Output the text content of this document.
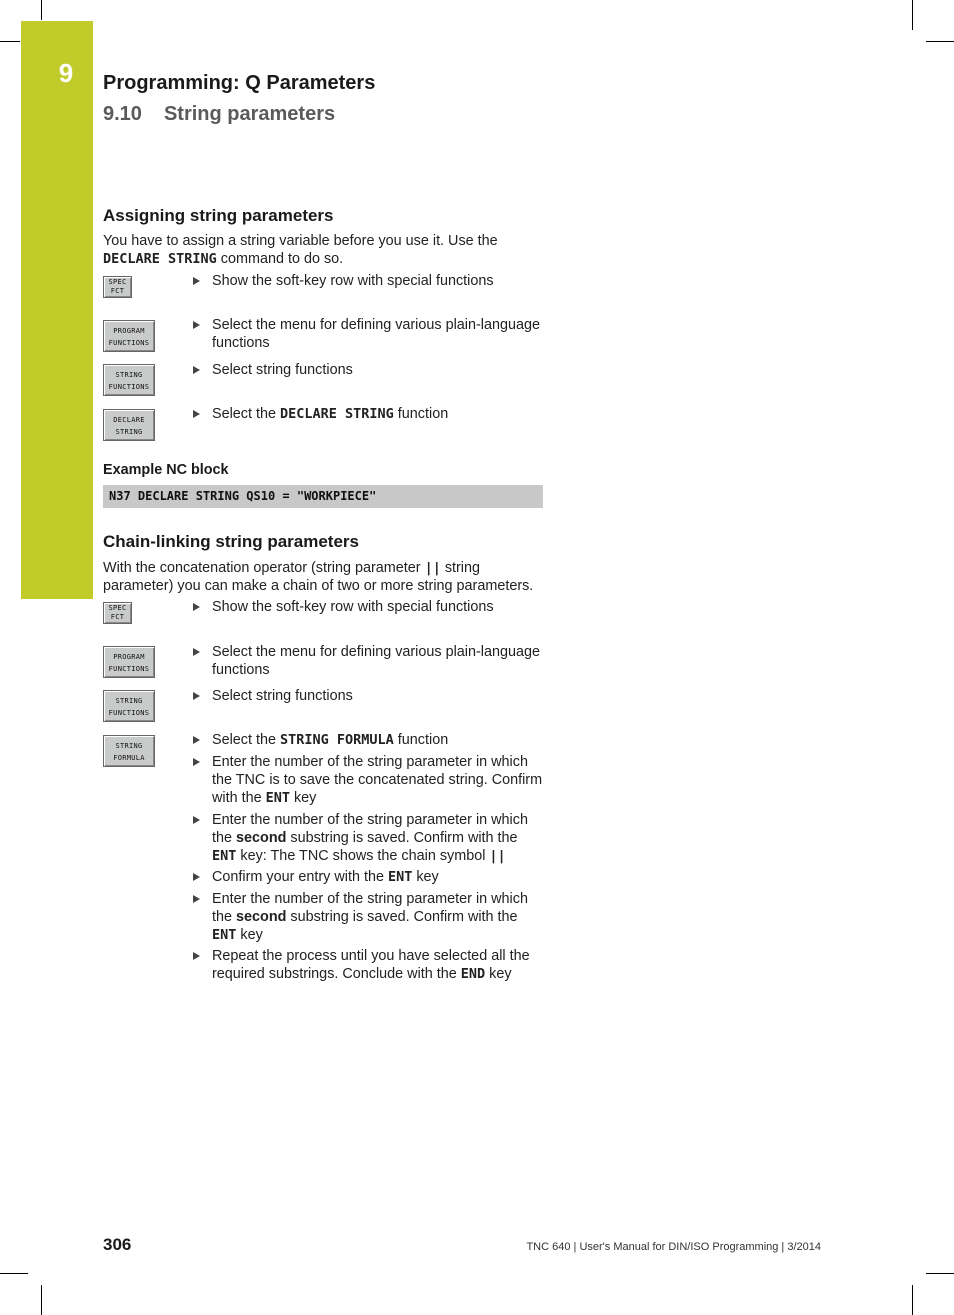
9	Programming: Q Parameters
9.10 String parameters
Assigning string parameters
You have to assign a string variable before you use it. Use the DECLARE STRING command to do so.
SPEC
FCT
Show the soft-key row with special functions
PROGRAM
FUNCTIONS
Select the menu for defining various plain-language functions
STRING
FUNCTIONS
Select string functions
DECLARE
STRING
Select the DECLARE STRING function
Example NC block
N37 DECLARE STRING QS10 = "WORKPIECE"
Chain-linking string parameters
With the concatenation operator (string parameter || string parameter) you can make a chain of two or more string parameters.
SPEC
FCT
Show the soft-key row with special functions
PROGRAM
FUNCTIONS
Select the menu for defining various plain-language functions
STRING
FUNCTIONS
Select string functions
STRING
FORMULA
Select the STRING FORMULA function
Enter the number of the string parameter in which the TNC is to save the concatenated string. Confirm with the ENT key
Enter the number of the string parameter in which the second substring is saved. Confirm with the ENT key: The TNC shows the chain symbol ||
Confirm your entry with the ENT key
Enter the number of the string parameter in which the second substring is saved. Confirm with the ENT key
Repeat the process until you have selected all the required substrings. Conclude with the END key
306	TNC 640 | User's Manual for DIN/ISO Programming | 3/2014
